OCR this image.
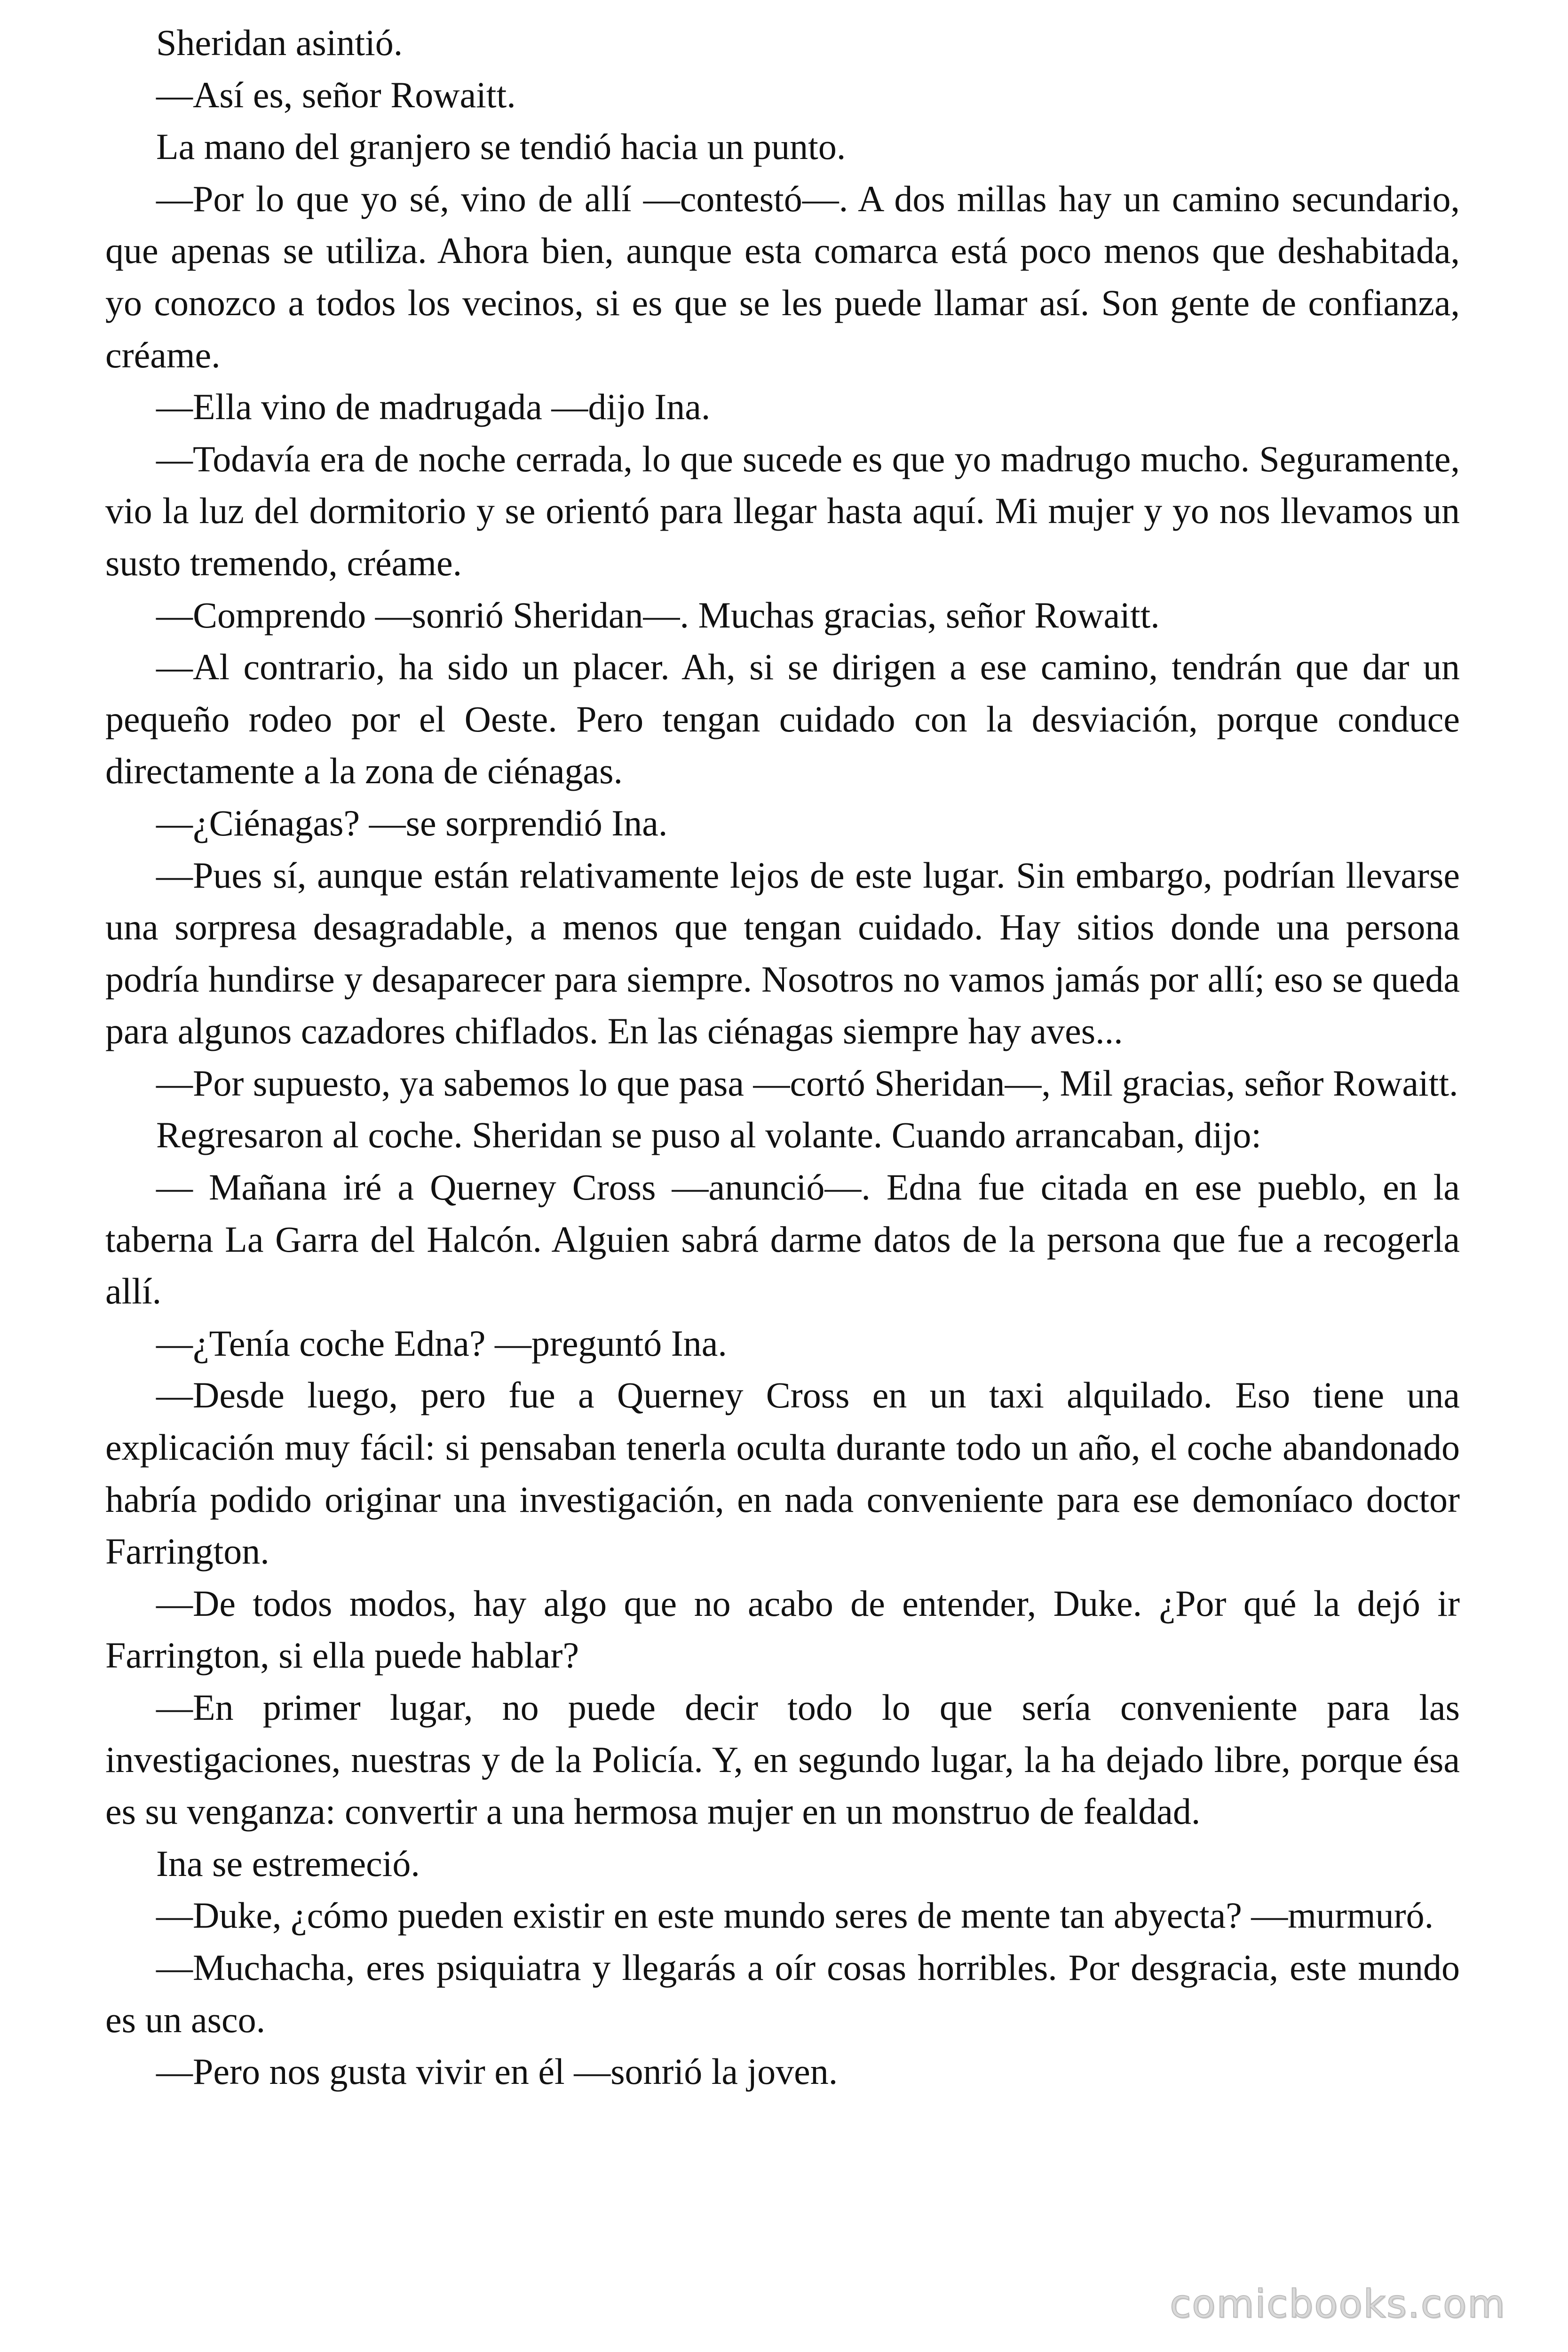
Sheridan asintió.

—Así es, señor Rowaitt.

La mano del granjero se tendió hacia un punto.

—Por lo que yo sé, vino de allí —contestó—. A dos millas hay un camino secundario, que apenas se utiliza. Ahora bien, aunque esta comarca está poco menos que deshabitada, yo conozco a todos los vecinos, si es que se les puede llamar así. Son gente de confianza, créame.

—Ella vino de madrugada —dijo Ina.

—Todavía era de noche cerrada, lo que sucede es que yo madrugo mucho. Seguramente, vio la luz del dormitorio y se orientó para llegar hasta aquí. Mi mujer y yo nos llevamos un susto tremendo, créame.

—Comprendo —sonrió Sheridan—. Muchas gracias, señor Rowaitt.

—Al contrario, ha sido un placer. Ah, si se dirigen a ese camino, tendrán que dar un pequeño rodeo por el Oeste. Pero tengan cuidado con la desviación, porque conduce directamente a la zona de ciénagas.

—¿Ciénagas? —se sorprendió Ina.

—Pues sí, aunque están relativamente lejos de este lugar. Sin embargo, podrían llevarse una sorpresa desagradable, a menos que tengan cuidado. Hay sitios donde una persona podría hundirse y desaparecer para siempre. Nosotros no vamos jamás por allí; eso se queda para algunos cazadores chiflados. En las ciénagas siempre hay aves...

—Por supuesto, ya sabemos lo que pasa —cortó Sheridan—, Mil gracias, señor Rowaitt.

Regresaron al coche. Sheridan se puso al volante. Cuando arrancaban, dijo:

— Mañana iré a Querney Cross —anunció—. Edna fue citada en ese pueblo, en la taberna La Garra del Halcón. Alguien sabrá darme datos de la persona que fue a recogerla allí.

—¿Tenía coche Edna? —preguntó Ina.

—Desde luego, pero fue a Querney Cross en un taxi alquilado. Eso tiene una explicación muy fácil: si pensaban tenerla oculta durante todo un año, el coche abandonado habría podido originar una investigación, en nada conveniente para ese demoníaco doctor Farrington.

—De todos modos, hay algo que no acabo de entender, Duke. ¿Por qué la dejó ir Farrington, si ella puede hablar?

—En primer lugar, no puede decir todo lo que sería conveniente para las investigaciones, nuestras y de la Policía. Y, en segundo lugar, la ha dejado libre, porque ésa es su venganza: convertir a una hermosa mujer en un monstruo de fealdad.

Ina se estremeció.

—Duke, ¿cómo pueden existir en este mundo seres de mente tan abyecta? —murmuró.

—Muchacha, eres psiquiatra y llegarás a oír cosas horribles. Por desgracia, este mundo es un asco.

—Pero nos gusta vivir en él —sonrió la joven.

comicbooks.com
